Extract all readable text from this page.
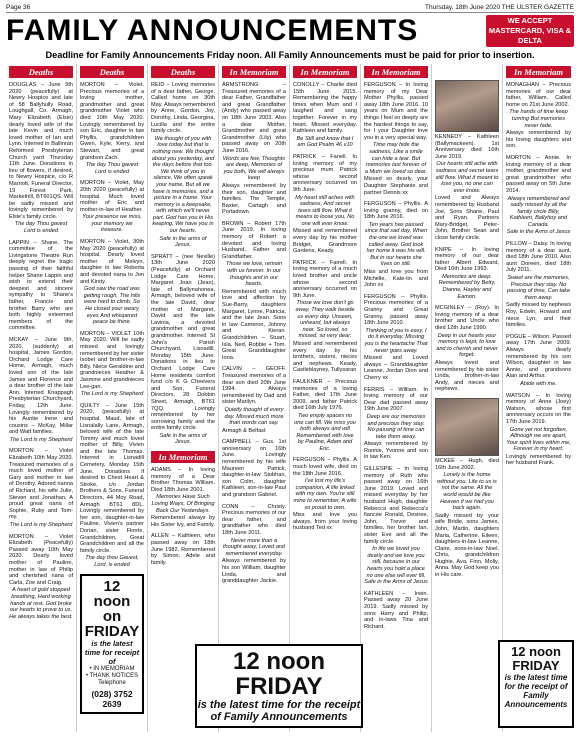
Page 36	Thursday, 18th June 2020 THE ULSTER GAZETTE
FAMILY ANNOUNCEMENTS	WE ACCEPT MASTERCARD, VISA & DELTA
Deadline for Family Announcements Friday noon. All Family Announcements must be paid for prior to insertion.
Deaths
DOUGLAS – June 9th 2020 (peacefully) at Newry Hospice and late of 58 Ballyhully Road, Loughgall, Co. Armagh, Mary Elizabeth (Elsie) dearly loved wife of the late Kevin and much loved mother of Ian and Lynn. Interred in Ballinran Reformed Presbyterian Church yard Thursday 11th June. Donations in lieu of flowers, if desired, to Newry Hospice, c/o R Marriott, Funeral Director, 19 Forest Park, Markethill, BT601QS. Will be sadly missed and lovingly remembered by Elsie's family circle.
The day Thou gavest Lord is ended
LAPPIN – Shane. The committee of the Livingstone Theatre Run deeply regret the tragic passing of their faithful helper Shane Lappin and wish to extend their deepest and sincere sympathy to Shane's father, Francie and brother Barry who are both highly esteemed members of the committee.
MCKAY – June 9th, 2020, (suddenly) at hospital, James Gordon, Orchard Lodge Care Home, Armagh, much loved son of the late James and Florence and a dear brother of the late Ann. Interred Knappagh Presbyterian Churchyard, Friday, 12th June. Lovingly remembered by his Auntie Irene and cousins – McKay, Millar and Watt families.
The Lord is my Shepherd
MORTON – Violet Elizabeth 10th May 2020. Treasured memories of a much loved mother of Gary and mother in law of Dorothy. Adored nanna of Richard, his wife Julie, Steven and Jonathan. A proud great nana of Sophie, Ruby and Tom-my.
The Lord is my Shepherd
MORTON – Violet Elizabeth (Peacefully) Passed away 10th May 2020. Dearly loved mother of Pauline, mother in law of Philip and cherished nana of Carla, Zoe and Craig.
A heart of gold stopped breathing, Hard working hands at rest. God broke our hearts to prove to us, He always takes the best.
Deaths
MORTON – Violet. Precious memories of a loving mother, grandmother and great grandmother Violet who died 10th May 2020. Lovingly remembered by son Eric, daughter in law Phyllis, grandchildren Gwen, Kyle, Kerry, and Stewart, and great grandson Zach.
The day Thou gavest Lord is ended
MORTON – Violet, May 20th 2020 (peacefully) at hospital. Much loved mother of Eric and mother-in-law of Heather.
Your presence we miss, your memory we treasure.
MORTON – Violet, 30th May 2020 (peacefully) at hospital. Dearly loved mother of Melvyn, daughter in law Roberta and devoted nana to Jon and Kirsty.
God saw the road was getting rough, The hills were hard to climb, So He closed your weary eyes And whispered peace be thine.
MORTON – VIOLET 10th May 2020. Will be sadly missed and lovingly remembered by her sister Isobel and brother-in-law Billy. Niece Geraldine and grandnieces Heather & Jasmine and grandnieces Lee-gan.
The Lord is my Shepherd
QUILTY – June 15th 2020, (peacefully) at hospital, Maud, late of Lisnalally Lane, Armagh, beloved wife of the late Tommy and much loved mother of Billy, Vivien and the late Thomas. Interred in Lisnadill Cemetery, Monday 15th June. Donations if desired to Chest Heart & Stroke, c/o Jordan Brothers & Sons, Funeral Directors, 44 Moy Road, Armagh BT61 8DL. Lovingly remembered by her son, daughter-in-law Pauline, Vivien's partner Dorian, sister Florrie, Grandchildren, Great Grandchildren and all the family circle.
The day thou Gavest, Lord, is ended
12 noon on FRIDAY
is the latest time for receipt of
• IN MEMORIAM
• THANK NOTICES
Telephone
(028) 3752 2639
Deaths
REID – Loving memories of a dear father, George. Called home on 30th May. Always remembered by Anne, Gordon, Joy, Dorothy, Linda, Georgina, Lucilla and the entire family circle.
We thought of you with love today but that is nothing new. We thought about you yesterday, and the days before that too. We think of you in silence, We often speak your name, But all we have is memories, and a picture in a frame. Your memory is a keepsake, with which we'll never part. God has you in His keeping, We have you in our hearts.
Safe in the arms of Jesus.
SPRATT – (nee Neville) 13th June 2020 (Peacefully) at Orchard Lodge Care Home, Margaret Joan (Jean), late of Ballynahonea, Armagh, beloved wife of the late David, dear mother of Margaret, David and the late Lavinia, a devoted grandmother and great grandmother. Interred St John's Parish Churchyard, Lisnadill, Monday 15th June. Donations in lieu to Orchard Lodge Care Home residents comfort fund c/o K G Cheevers and Son, Funeral Directors, 28 Dobbin Street, Armagh, BT61 7QQ. Lovingly remembered by her sorrowing family and the entire family circle.
Safe in the arms of Jesus.
In Memoriam
ADAMS – In loving memory of a Dear Brother Thomas William. Died 18th June 2001.
Memories Have Such Loving Ways, Of Bringing Back Our Yesterdays.
Remembered always by His Sister Ivy, and Family.
ALLEN – Kathleen, who passed away on 18th June 1982. Remembered by Simon, Adele and family.
In Memoriam
ARMSTRONG – Treasured memories of a dear Father, Grandfather and great Grandfather (Andy) who passed away on 18th June 2003. Also a dear Mother, Grandmother and great Grandmother (Lily) who passed away on 20th June 2016.
Words are few, Thoughts are deep, Memories of you both, We will always keep
Always remembered by their son, daughter and families. The Temple, Baxter, Cartagh and Portadown.
BROWN – Robert 17th June 2019. In loving memory of Robert a devoted and loving Husband, Father and Grandfather.
Those we love, remain with us forever. In our thoughts and in our hearts.
Remembered with much love and affection by Sue-Barry, daughters Margaret, Lynne, Patricia, and the late Jean. Sons in law Cameron, Johnny and Kieran. Grandchildren – Stuart, Isla, Ned, Robbie + Tom. Great Granddaughter Iona.
CALVIN – GEOFF. Treasured memories of a dear son died 20th June 1994. Always remembered by Dad and sister Marilyn.
Quietly thought of every day. Missed much more than words can say.
Armagh & Belfast
CAMPBELL – Gus. 1st anniversary on 16th June. Lovingly remembered by his wife Maureen Patrick, daughter-in-law Siobhan, son Colm, daughter Kathleen, son-in-law Paul and grandson Gabriel.
CONN – Christy. Precious memories of our dear father, and grandfather who died 18th June 2011.
Never more than a thought away, Loved and remembered everyday.
Always remembered by his son William, daughter Linda, and granddaughter Jackie.
In Memoriam
CONOLLY – Charlie died 15th June 2015. Remembering the happy times when Mum and I laughed and sang together. Forever in my heart. Missed everyday. Kathleen and family.
Be Still and know that I am God Psalm 46 v10
PATRICK – Fanell. In loving memory of my precious mum Patrick whose second anniversary occurred on 9th June.
My heart still aches with sadness, And secret tears still flow. What it means to loose you, No one will ever know.
Missed and remembered every day by his mother Bridget, Grandmore Gardens, Keady.
PATRICK – Farrell. In loving memory of a much loved brother and uncle whose second anniversary occurred on 9th June.
Those we love don't go away, They walk beside us every day. Unseen, unheard, but always near. So loved, so missed, so very dear.
Missed and remembered every day by his brothers, sisters, nieces and nephews. Keady, Castleblayney, Tullysaran
FAULKNER – Precious memories of a loving Father, died 17th June 2009, and father Patrick died 16th July 1976.
Two empty spaces no one can fill. We miss you both always and will Remembered with love by Pauline, Adam and Eric.
FERGUSON – Phyllis. A much loved wife, died on the 18th June 2016.
I've lost my life's companion, A life linked with my own. You're still mine to remember, A wife so proud to own.
Miss and love you always, from your loving husband Ted xx
In Memoriam
FERGUSON – In loving memory of my Dear Mother Phyllis, passed away 18th June 2016. 10 years on Mum and the things I feel so deeply are the hardest things to say, for I your Daughter love you in a very special way.
Time may hide the sadness, Like a smile can hide a tear. But memories last forever of a Mum we loved so dear.
Missed so dearly, your Daughter Stephanie and partner Dennis xx
FERGUSON – Phyllis. A loving granny, died on 18th June 2016.
Ten years has passed since that sad day, When the one we loved was called away. God took her home it was his will. But in our hearts she lives on still.
Miss and love you from Michelle, Kate-lin and John xx
FERGUSON – Phyllis. Precious memories of a Granny and Great Granny, passed away 18th June 2010.
Thinking of you is easy, I do it everyday. Missing you is the heartache That never goes away.
Missed and Loved always – Granddaughter Leanne, Jordan Dion and Cherry xx
FERRIS – William. In loving memory of our Dear dad passed away 19th June 2007.
Deep are our memories and precious they stay. No passing of time can take them away.
Always remembered by Ronnie, Yvonne and son in law Ken.
GILLESPIE – In loving memory of Ruth who passed away on 16th June 2019. Loved and missed everyday by her husband Hugh, daughter Rebecca and Rebecca's fiancée Ronald, Desiree, John, Trevor and families, her brother Ian, sister Eve and all the family circle.
In life we loved you dearly and we love you still, because in our hearts you hold a place no one else will ever fill. Safe in the Arms of Jesus
KATHLEEN – Irwin. Passed away 20 June 2019. Sadly missed by sons Harry and Philip, and in-laws Tina and Richard.
KENNEDY – Kathleen (Ballymackeen). 1st Anniversary died 16th June 2019.
Our hearts still ache with sadness and secret tears still flow. What it meant to lose you, no one can ever know.
Loved and Always remembered by Husband Joe, Sons Shane, Paul and Ryan. Partners Mary-Bridget, Peter-John, Brother Sean and close family circle.
KNIPE – In loving memory of our dear father Albert Edward, Died 16th June 1993.
Memories are deep. Remembered by Betty, Dianne, Hayley and Eamon.
MCGINLEY – (Roy). In loving memory of a dear brother and Uncle who died 12th June 1990.
Deep in our hearts your memory is kept, to love and to cherish and never forget.
Always loved and remembered by his sister Linda, brother-in-law Andy, and nieces and nephews.
MCKEE – Hugh, died 16th June 2002.
Lonely is the home without you. Life to us is not the same. All the world would be like Heaven if we had you back again.
Sadly missed by your wife Bridie, sons James, John, Martin, daughters Maria, Catherine, Eileen, daughters-in-law Leanne, Claire, sons-in-law Noel, Chris, grandchildren Hughie, Ava, Finn, Molly, Anna. May God keep you in His care.
In Memoriam
MONAGHAN – Precious memories of our dear father, William. Called home on 21st June 2002.
The hands of time keep turning But memories never fade.
Always remembered by his loving daughters and son.
MORTON – Annie. In loving memory of a dear mother, grandmother and great grandmother who passed away on 5th June 2014.
Always remembered and sadly missed by all the family circle Billy, Kathleen, Ballyhoy and Canada.
Safe in the Arms of Jesus
PILLOW – Daisy. In loving memory of a dear aunt, died 18th June 2010. Also aunt Doreen, died 18th July 2011.
Sweet are the memories, Precious they stay. No passing of time, Can take them away.
Sadly missed by nephews Roy, Edwin, Howard and niece Lyn, and their families.
POGUE – Wilson. Passed away 17th June 2009. Always dearly remembered by his son Wilson, daughter in law Annie, and grandsons Alan and Arthur.
Abide with me.
WATSON – In loving memory of Anne (Joey) Watson, whose first anniversary occurs on the 17th June 2019.
Gone yet not forgotten, Although we are apart, Your spirit lives within me, Forever in my heart.
Lovingly remembered by her husband Frank.
12 noon FRIDAY
is the latest time for the receipt of Family Announcements
12 noon FRIDAY
is the latest time for the receipt of Family Announcements
